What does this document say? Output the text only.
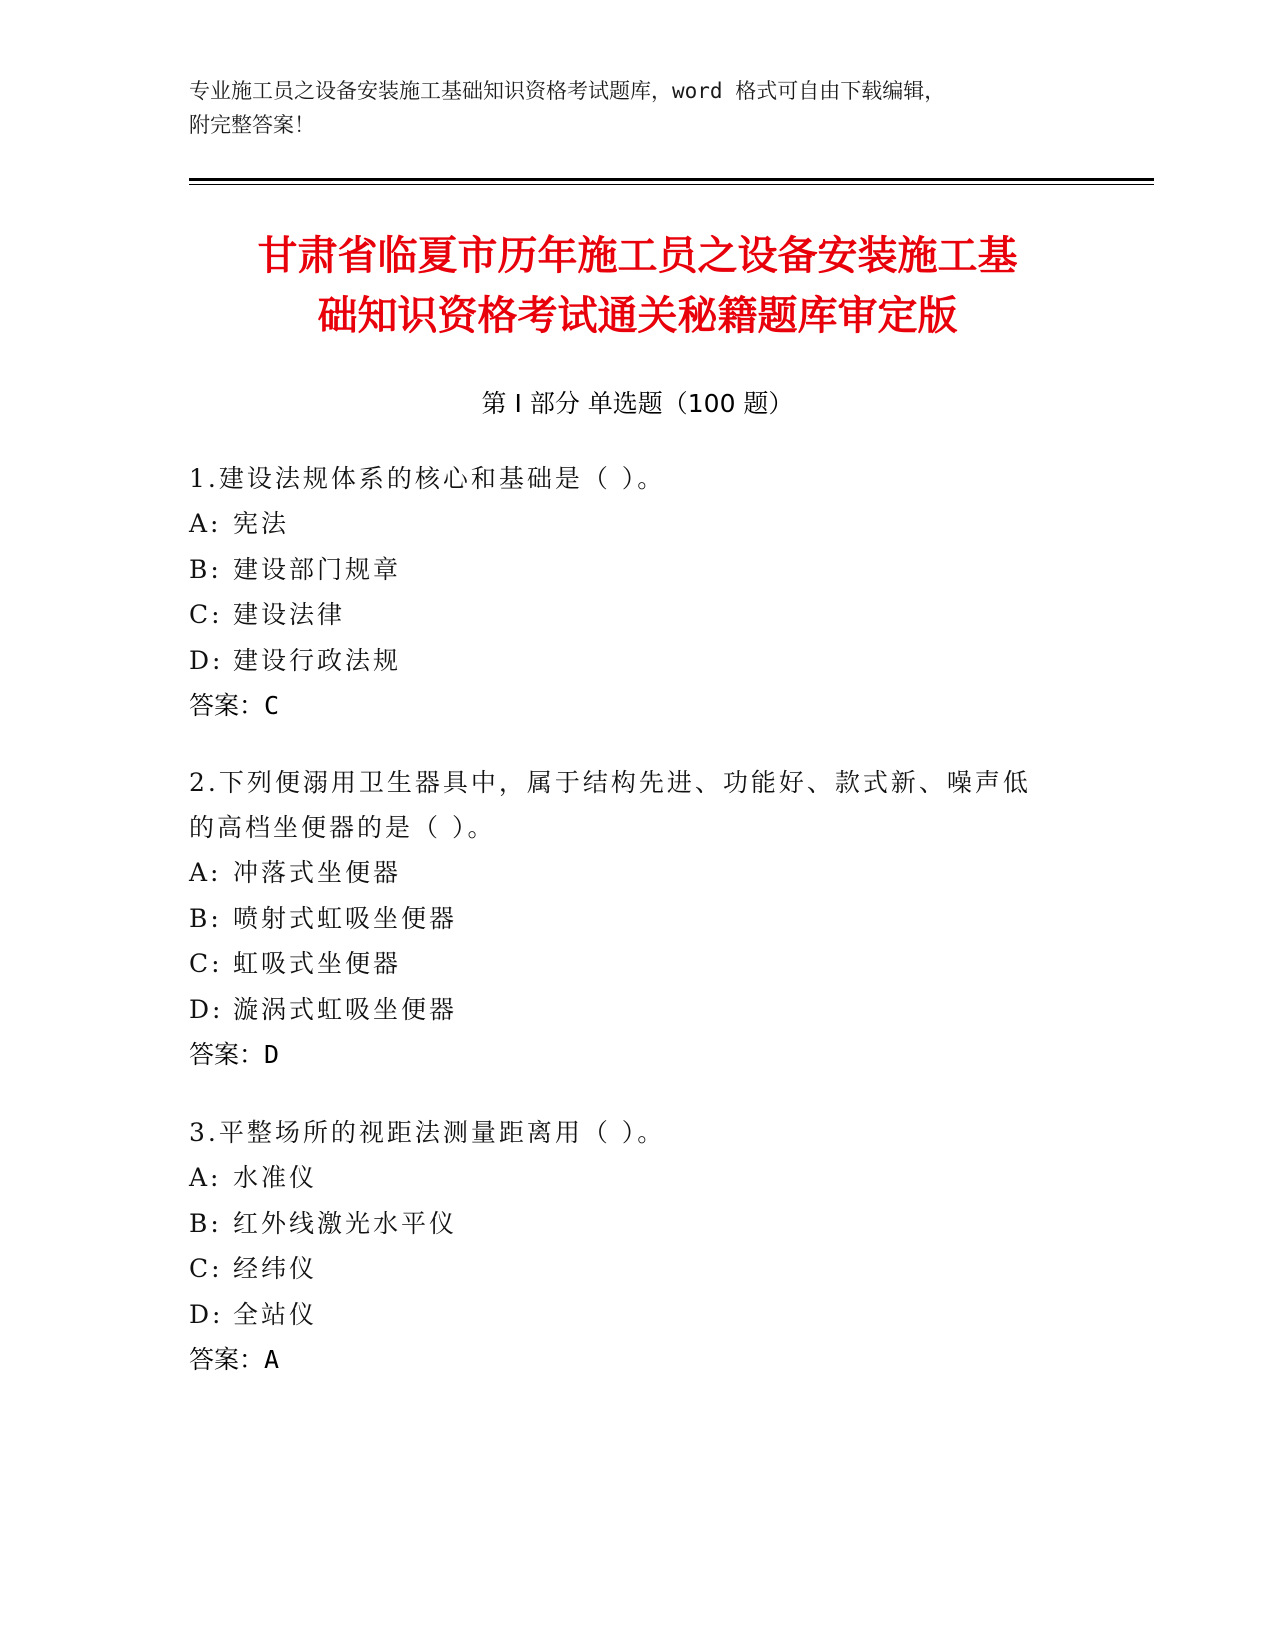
专业施工员之设备安装施工基础知识资格考试题库，word 格式可自由下载编辑，
附完整答案！
甘肃省临夏市历年施工员之设备安装施工基
础知识资格考试通关秘籍题库审定版
第 I 部分 单选题（100 题）

1.建设法规体系的核心和基础是（ ）。

A: 宪法

B: 建设部门规章

C: 建设法律

D: 建设行政法规

答案：C

2.下列便溺用卫生器具中，属于结构先进、功能好、款式新、噪声低

的高档坐便器的是（ ）。

A: 冲落式坐便器

B: 喷射式虹吸坐便器

C: 虹吸式坐便器

D: 漩涡式虹吸坐便器

答案：D

3.平整场所的视距法测量距离用（ ）。

A: 水准仪

B: 红外线激光水平仪

C: 经纬仪

D: 全站仪

答案：A
